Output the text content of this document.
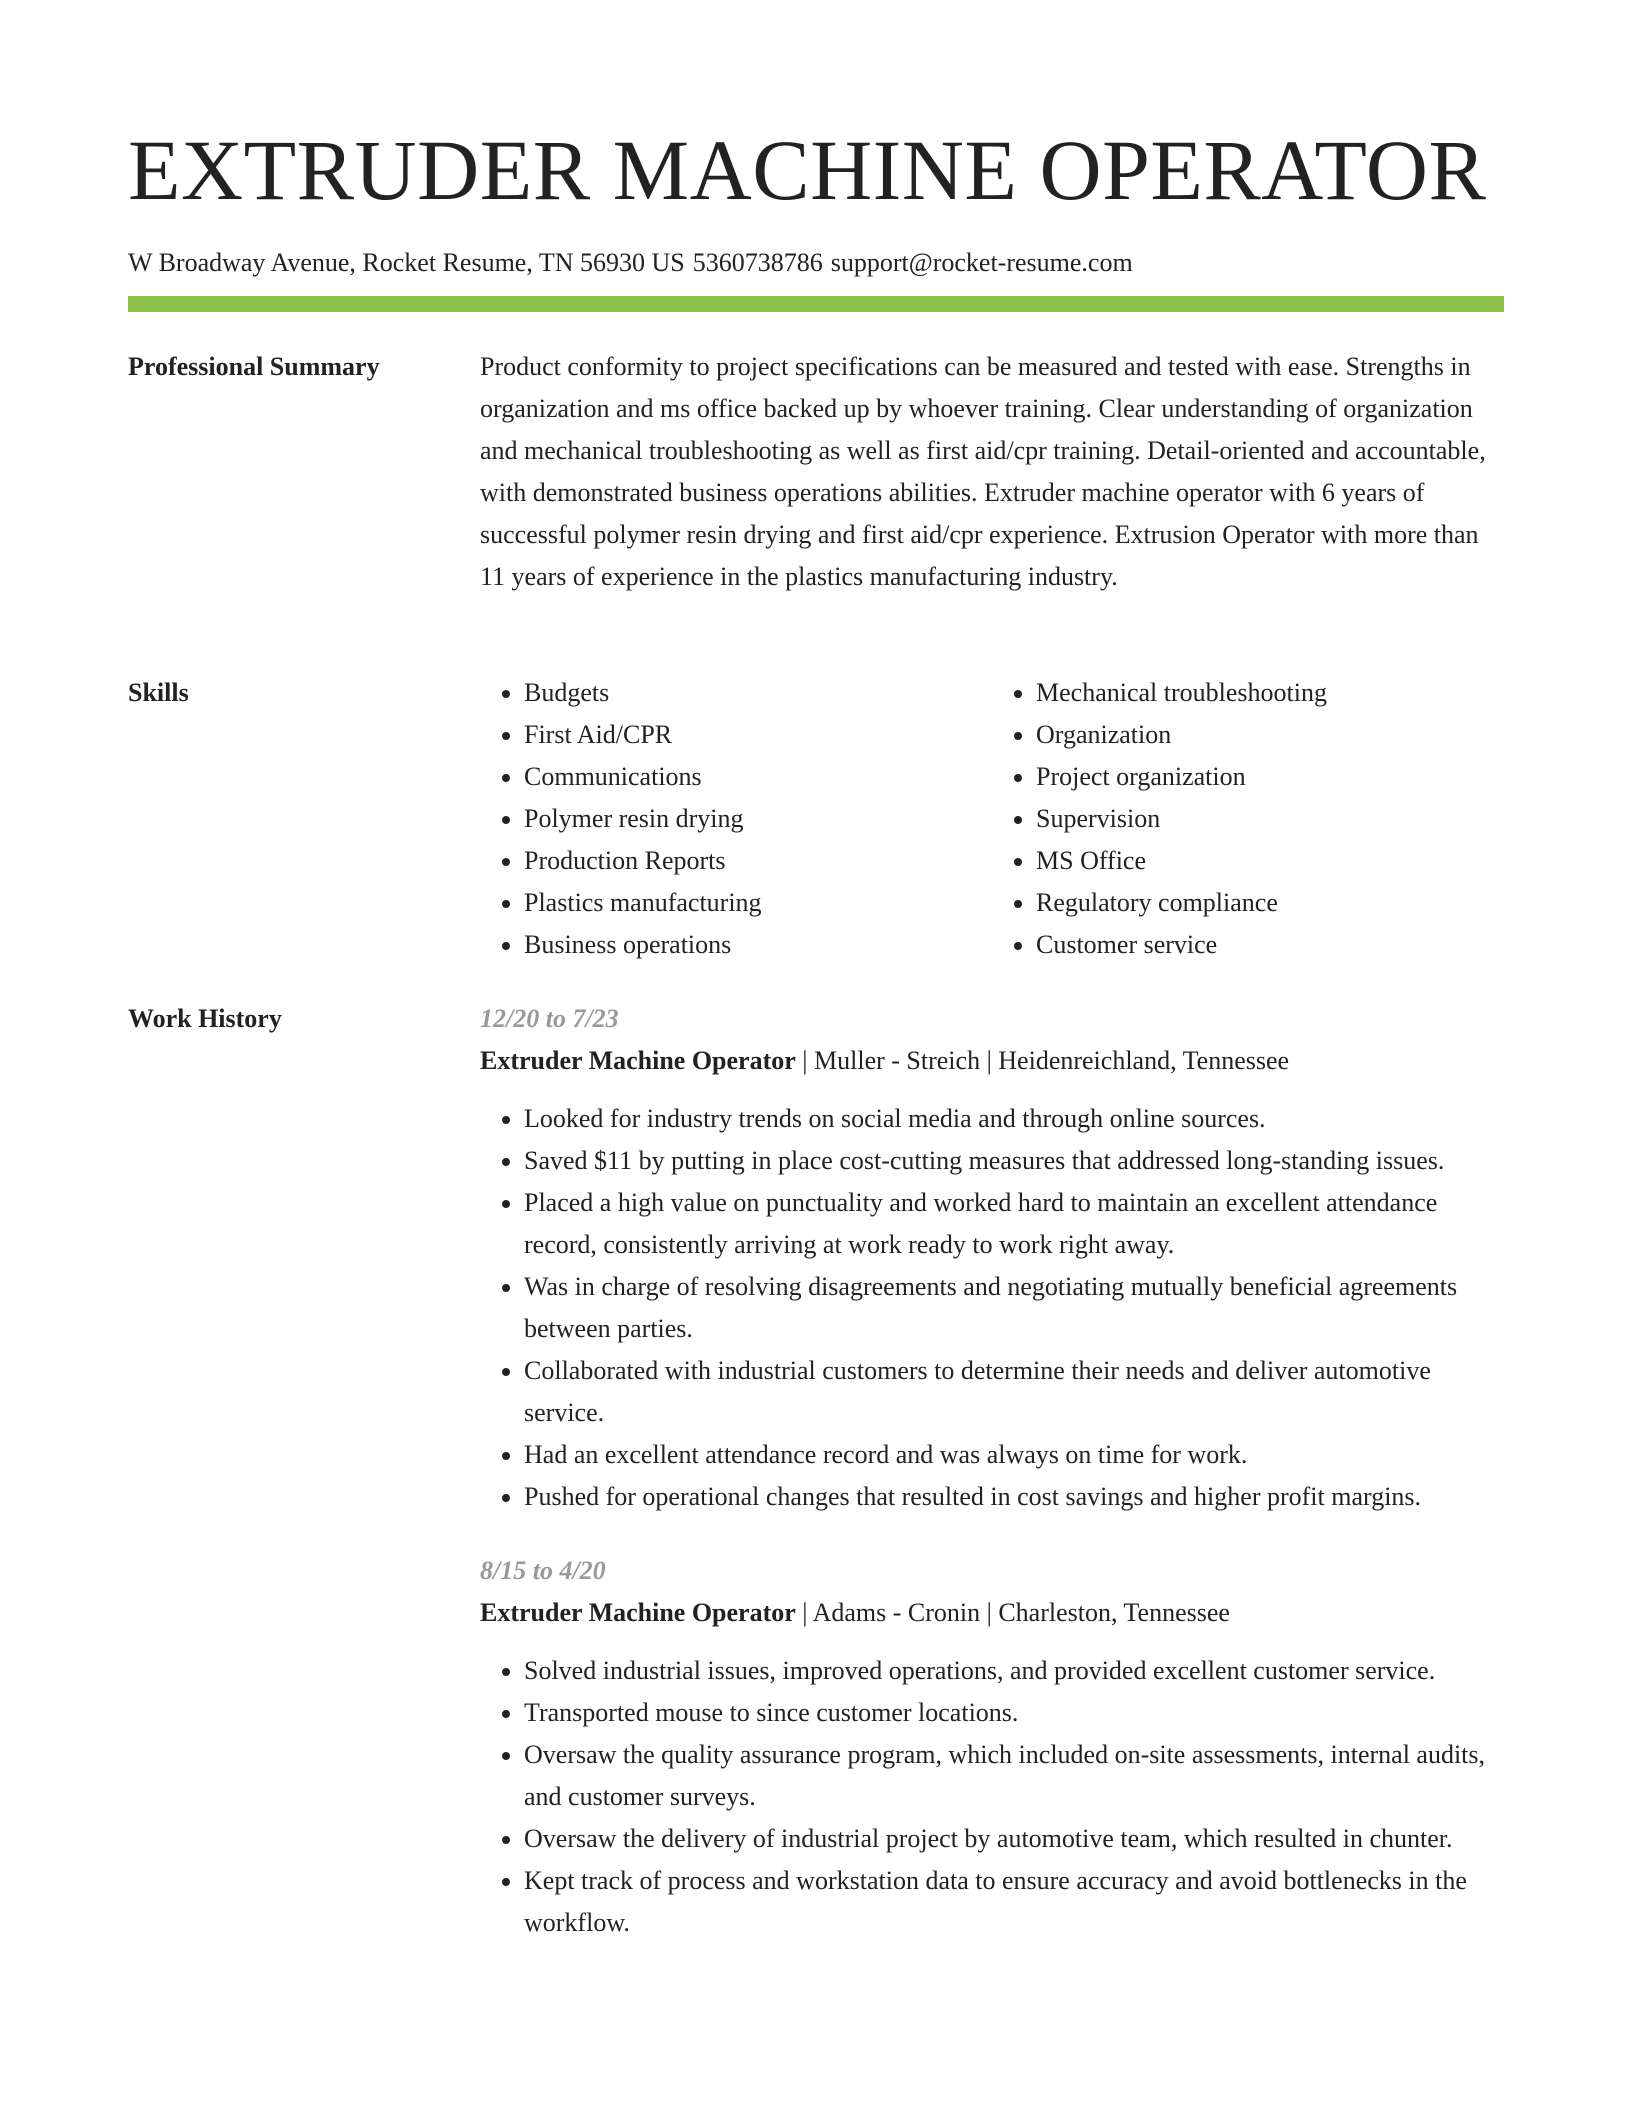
EXTRUDER MACHINE OPERATOR
W Broadway Avenue, Rocket Resume, TN 56930 US 5360738786 support@rocket-resume.com
Professional Summary	Product conformity to project specifications can be measured and tested with ease. Strengths in organization and ms office backed up by whoever training. Clear understanding of organization and mechanical troubleshooting as well as first aid/cpr training. Detail-oriented and accountable, with demonstrated business operations abilities. Extruder machine operator with 6 years of successful polymer resin drying and first aid/cpr experience. Extrusion Operator with more than 11 years of experience in the plastics manufacturing industry.

Skills
•	Budgets
• First Aid/CPR
• Communications
• Polymer resin drying
• Production Reports
• Plastics manufacturing
• Business operations
• Mechanical troubleshooting
• Organization
• Project organization
• Supervision
• MS Office
• Regulatory compliance
• Customer service
Work History	12/20 to 7/23
Extruder Machine Operator | Muller - Streich | Heidenreichland, Tennessee
• Looked for industry trends on social media and through online sources.
• Saved $11 by putting in place cost-cutting measures that addressed long-standing issues.
• Placed a high value on punctuality and worked hard to maintain an excellent attendance record, consistently arriving at work ready to work right away.
• Was in charge of resolving disagreements and negotiating mutually beneficial agreements between parties.
• Collaborated with industrial customers to determine their needs and deliver automotive service.
• Had an excellent attendance record and was always on time for work.
• Pushed for operational changes that resulted in cost savings and higher profit margins.
8/15 to 4/20
Extruder Machine Operator | Adams - Cronin | Charleston, Tennessee
• Solved industrial issues, improved operations, and provided excellent customer service.
• Transported mouse to since customer locations.
• Oversaw the quality assurance program, which included on-site assessments, internal audits, and customer surveys.
• Oversaw the delivery of industrial project by automotive team, which resulted in chunter.
• Kept track of process and workstation data to ensure accuracy and avoid bottlenecks in the workflow.
